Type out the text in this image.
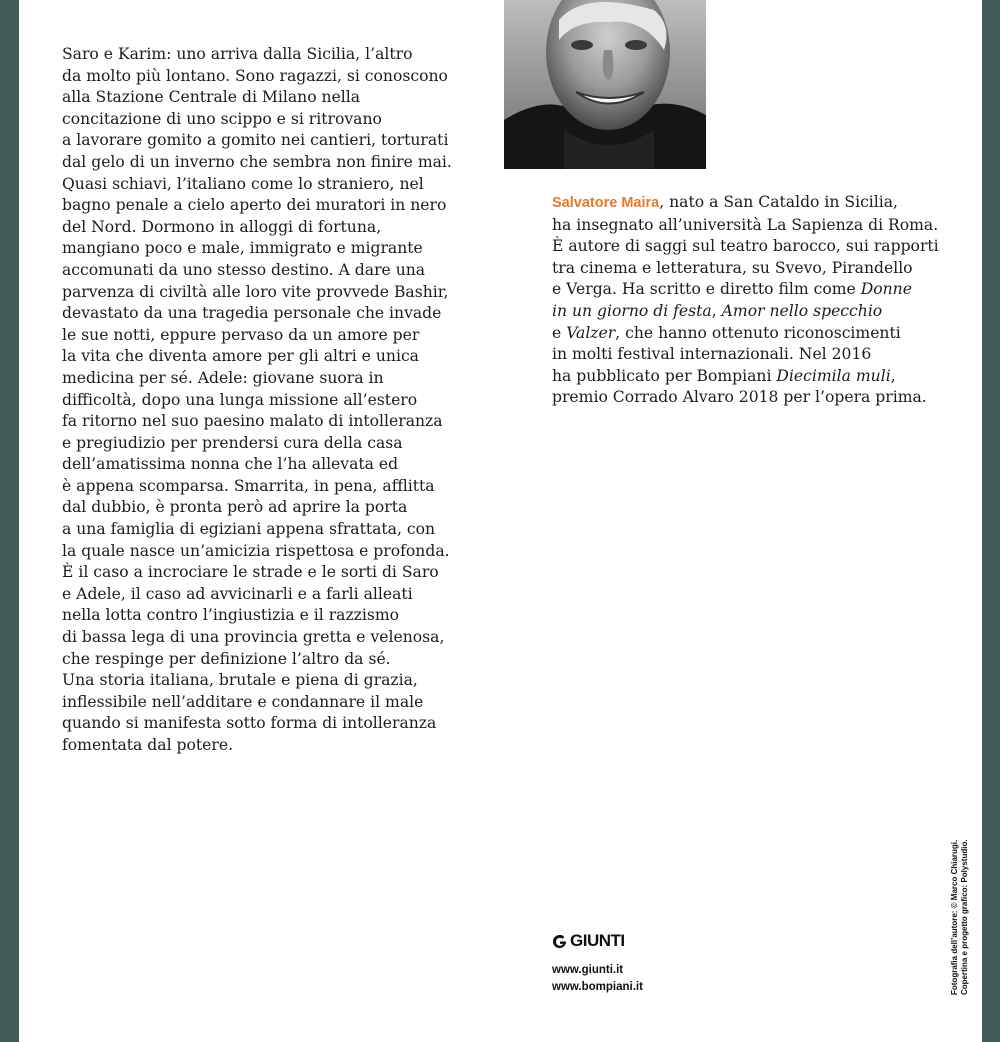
Saro e Karim: uno arriva dalla Sicilia, l’altro
da molto più lontano. Sono ragazzi, si conoscono
alla Stazione Centrale di Milano nella
concitazione di uno scippo e si ritrovano
a lavorare gomito a gomito nei cantieri, torturati
dal gelo di un inverno che sembra non finire mai.
Quasi schiavi, l’italiano come lo straniero, nel
bagno penale a cielo aperto dei muratori in nero
del Nord. Dormono in alloggi di fortuna,
mangiano poco e male, immigrato e migrante
accomunati da uno stesso destino. A dare una
parvenza di civiltà alle loro vite provvede Bashir,
devastato da una tragedia personale che invade
le sue notti, eppure pervaso da un amore per
la vita che diventa amore per gli altri e unica
medicina per sé. Adele: giovane suora in
difficoltà, dopo una lunga missione all’estero
fa ritorno nel suo paesino malato di intolleranza
e pregiudizio per prendersi cura della casa
dell’amatissima nonna che l’ha allevata ed
è appena scomparsa. Smarrita, in pena, afflitta
dal dubbio, è pronta però ad aprire la porta
a una famiglia di egiziani appena sfrattata, con
la quale nasce un’amicizia rispettosa e profonda.
È il caso a incrociare le strade e le sorti di Saro
e Adele, il caso ad avvicinarli e a farli alleati
nella lotta contro l’ingiustizia e il razzismo
di bassa lega di una provincia gretta e velenosa,
che respinge per definizione l’altro da sé.
Una storia italiana, brutale e piena di grazia,
inflessibile nell’additare e condannare il male
quando si manifesta sotto forma di intolleranza
fomentata dal potere.
Salvatore Maira, nato a San Cataldo in Sicilia,
ha insegnato all’università La Sapienza di Roma.
È autore di saggi sul teatro barocco, sui rapporti
tra cinema e letteratura, su Svevo, Pirandello
e Verga. Ha scritto e diretto film come Donne
in un giorno di festa, Amor nello specchio
e Valzer, che hanno ottenuto riconoscimenti
in molti festival internazionali. Nel 2016
ha pubblicato per Bompiani Diecimila muli,
premio Corrado Alvaro 2018 per l’opera prima.
GIUNTI
www.giunti.it
www.bompiani.it	Fotografia dell’autore: © Marco Chiarugi. Copertina e progetto grafico: Polystudio.
